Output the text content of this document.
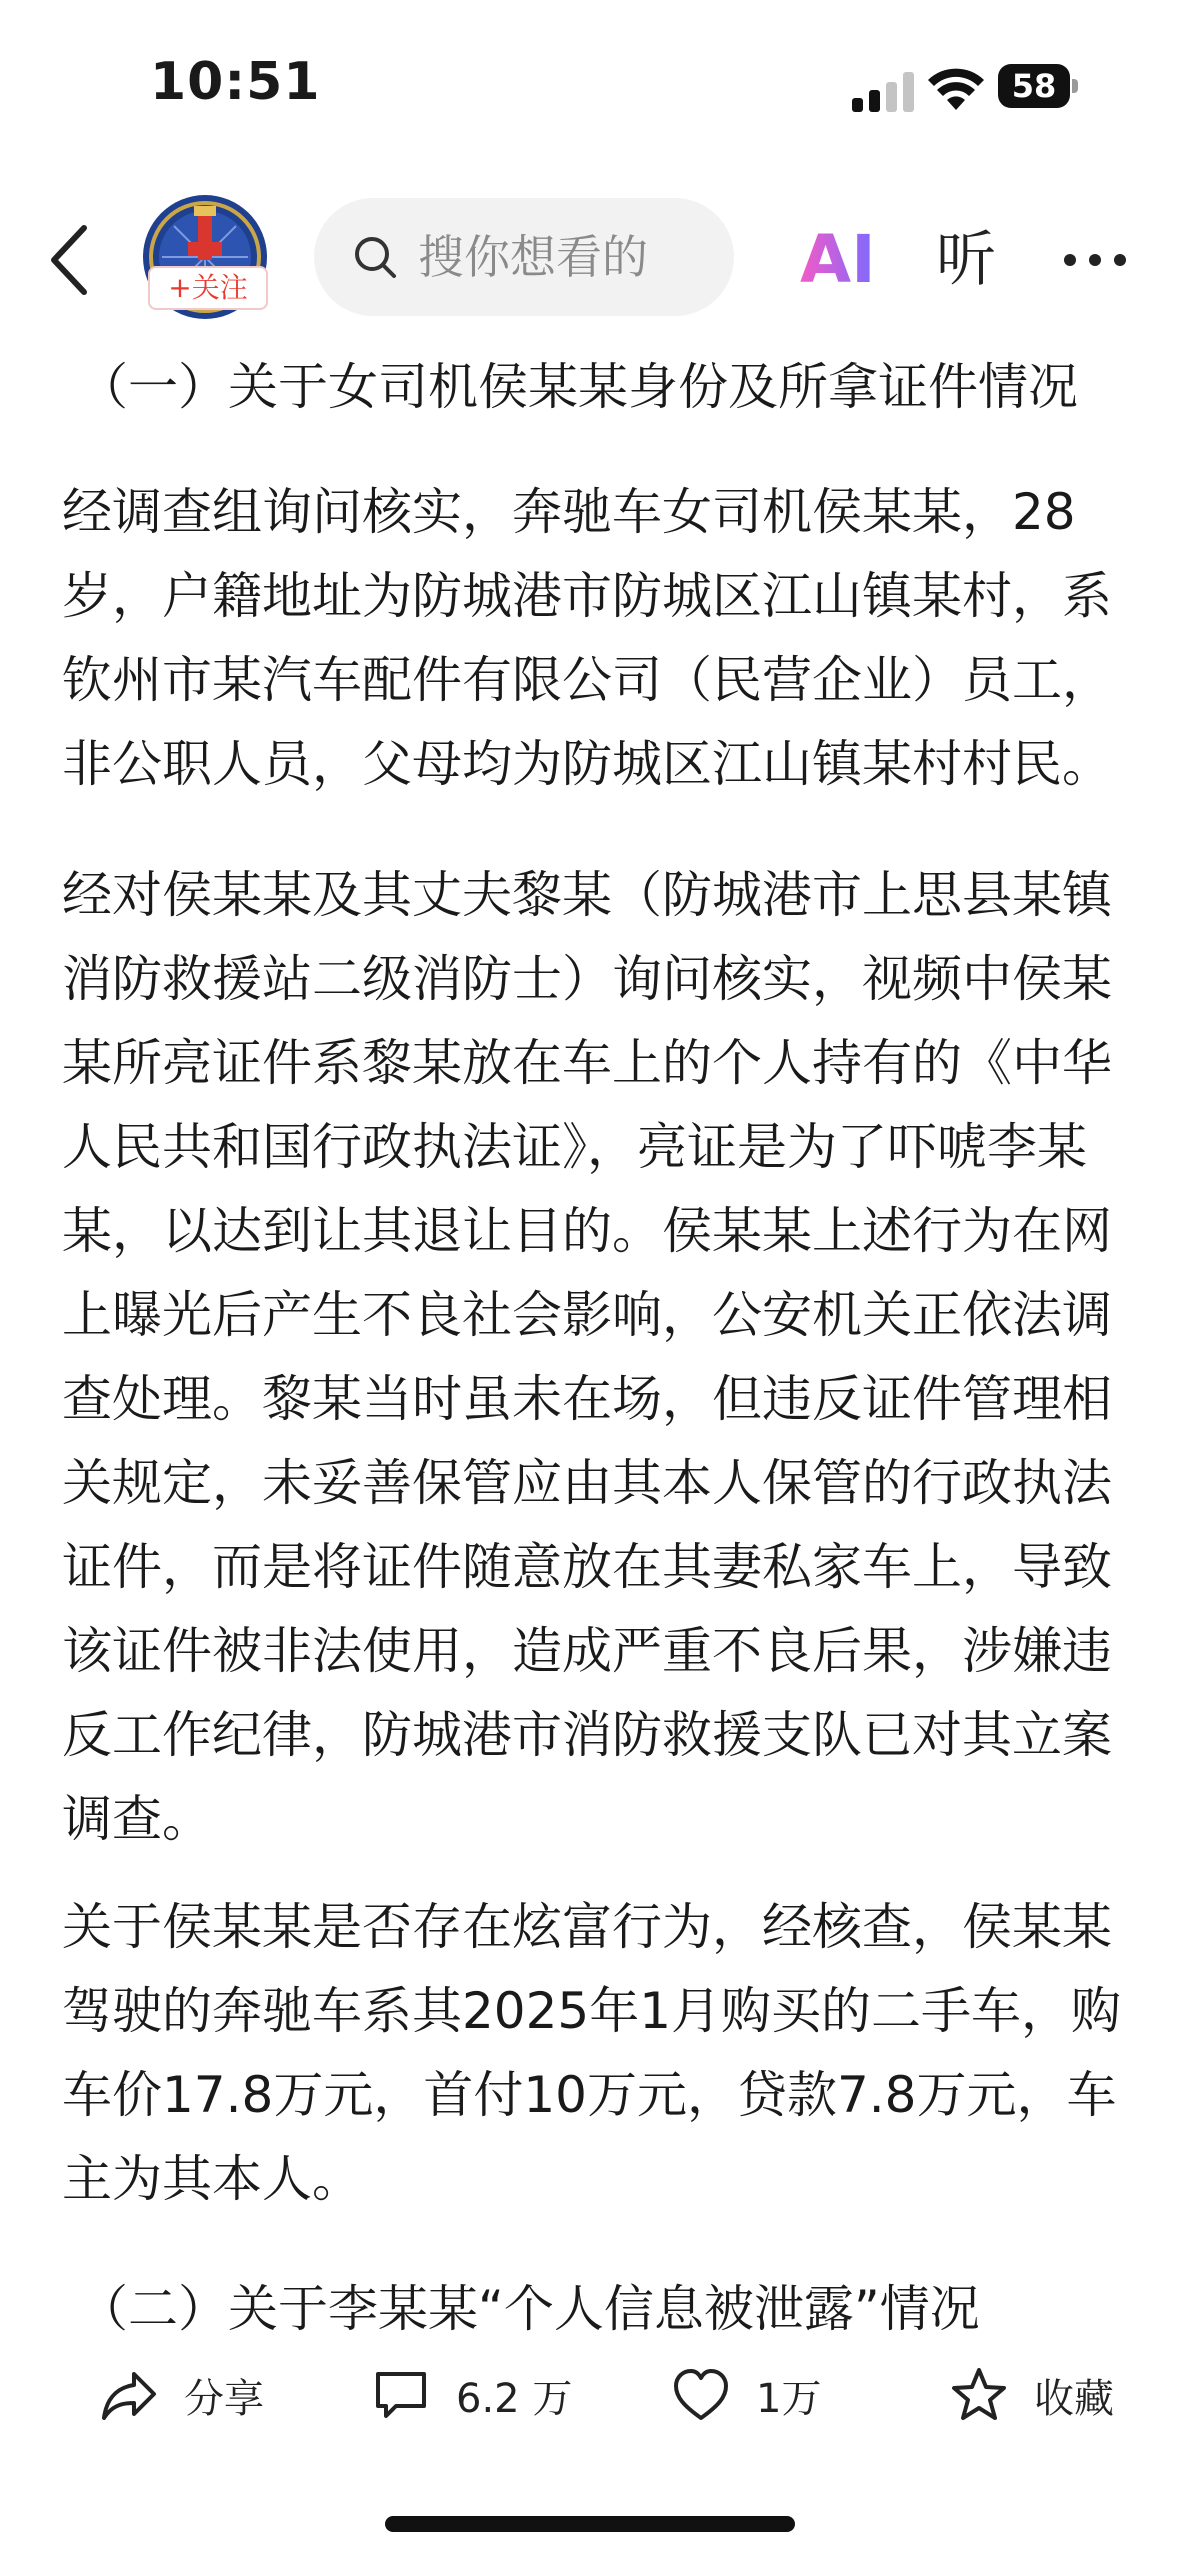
10:51	58
+关注
搜你想看的 AI 听

（一）关于女司机侯某某身份及所拿证件情况

经调查组询问核实，奔驰车女司机侯某某，28岁，户籍地址为防城港市防城区江山镇某村，系钦州市某汽车配件有限公司（民营企业）员工，非公职人员，父母均为防城区江山镇某村村民。

经对侯某某及其丈夫黎某（防城港市上思县某镇消防救援站二级消防士）询问核实，视频中侯某某所亮证件系黎某放在车上的个人持有的《中华人民共和国行政执法证》，亮证是为了吓唬李某某，以达到让其退让目的。侯某某上述行为在网上曝光后产生不良社会影响，公安机关正依法调查处理。黎某当时虽未在场，但违反证件管理相关规定，未妥善保管应由其本人保管的行政执法证件，而是将证件随意放在其妻私家车上，导致该证件被非法使用，造成严重不良后果，涉嫌违反工作纪律，防城港市消防救援支队已对其立案调查。

关于侯某某是否存在炫富行为，经核查，侯某某驾驶的奔驰车系其2025年1月购买的二手车，购车价17.8万元，首付10万元，贷款7.8万元，车主为其本人。

（二）关于李某某“个人信息被泄露”情况

分享	6.2 万	1万	收藏
